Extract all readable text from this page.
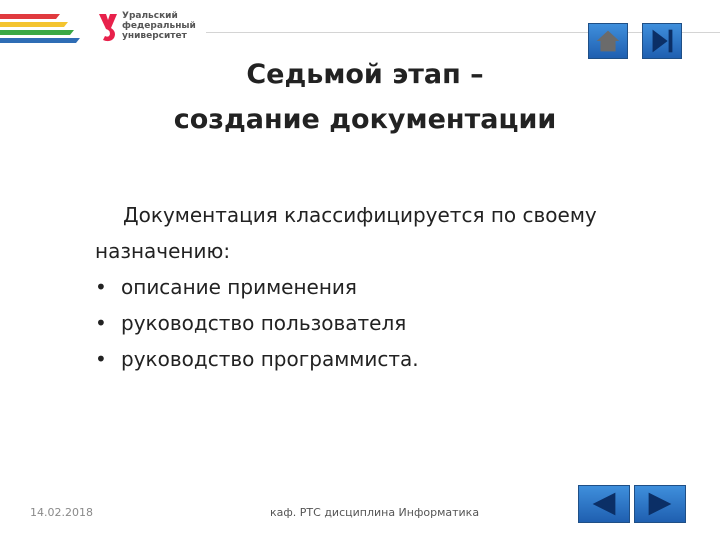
Уральский
федеральный
университет
Седьмой этап –
создание документации

Документация классифицируется по своему назначению:

• описание применения
• руководство пользователя
• руководство программиста.
14.02.2018	каф. РТС дисциплина Информатика
